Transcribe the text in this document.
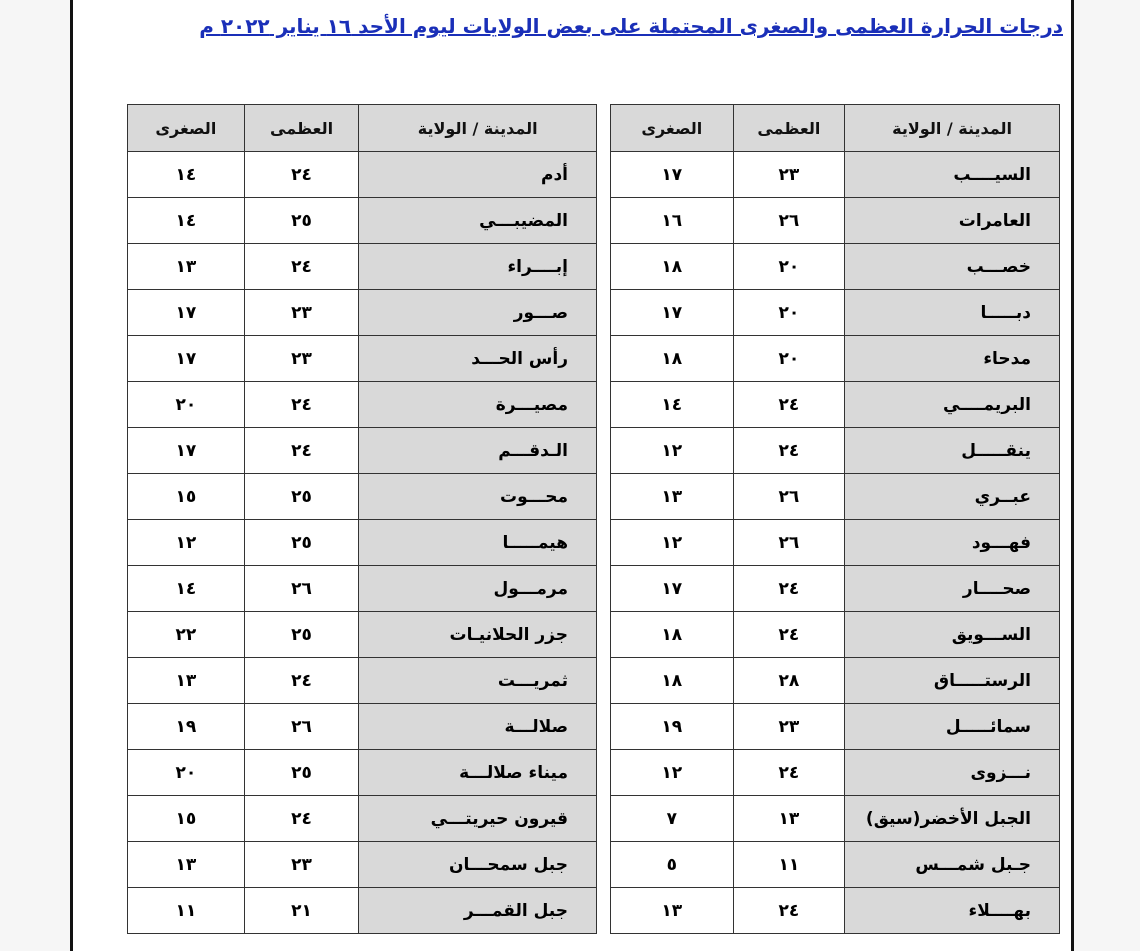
درجات الحرارة العظمى والصغرى المحتملة على بعض الولايات ليوم الأحد ١٦ يناير ٢٠٢٢ م
المدينة / الولاية	العظمى	الصغرى
السيــــب	٢٣	١٧
العامرات	٢٦	١٦
خصـــب	٢٠	١٨
دبـــــا	٢٠	١٧
مدحاء	٢٠	١٨
البريمــــي	٢٤	١٤
ينقـــــل	٢٤	١٢
عبــري	٢٦	١٣
فهـــود	٢٦	١٢
صحــــار	٢٤	١٧
الســـويق	٢٤	١٨
الرستـــــاق	٢٨	١٨
سمائـــــل	٢٣	١٩
نـــزوى	٢٤	١٢
الجبل الأخضر(سيق)	١٣	٧
جـبل شمـــس	١١	٥
بهــــلاء	٢٤	١٣
المدينة / الولاية	العظمى	الصغرى
أدم	٢٤	١٤
المضيبـــي	٢٥	١٤
إبــــراء	٢٤	١٣
صـــور	٢٣	١٧
رأس الحـــد	٢٣	١٧
مصيـــرة	٢٤	٢٠
الـدقـــم	٢٤	١٧
محـــوت	٢٥	١٥
هيمـــــا	٢٥	١٢
مرمـــول	٢٦	١٤
جزر الحلانيـات	٢٥	٢٢
ثمريـــت	٢٤	١٣
صلالـــة	٢٦	١٩
ميناء صلالـــة	٢٥	٢٠
قيرون حيريتـــي	٢٤	١٥
جبل سمحـــان	٢٣	١٣
جبل القمـــر	٢١	١١
